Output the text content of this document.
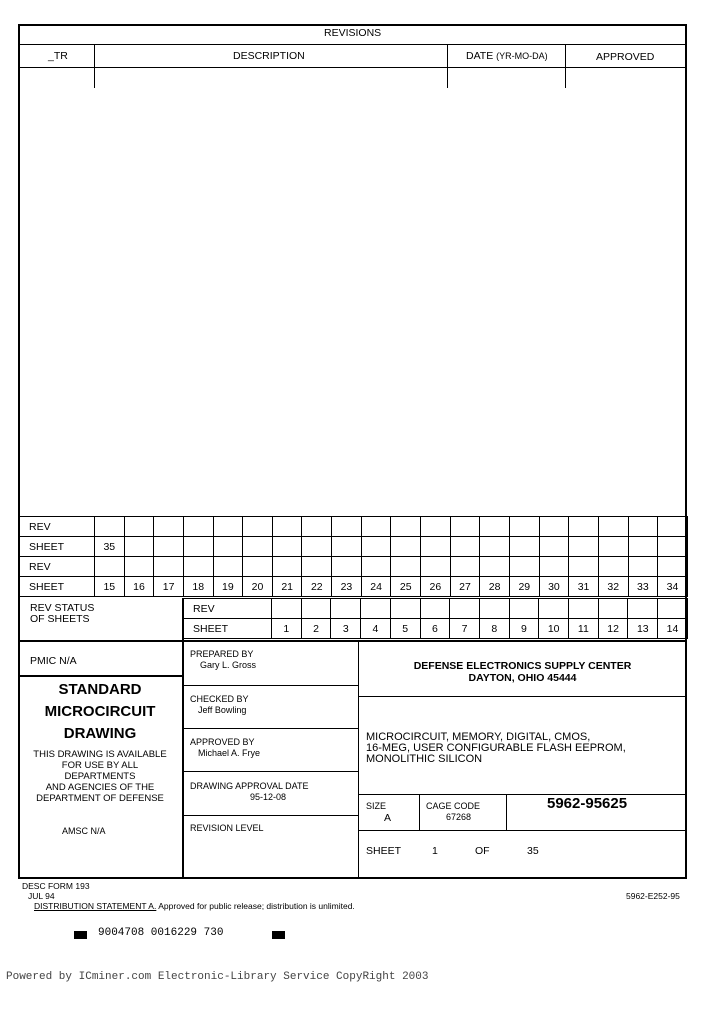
REVISIONS
_TR	DESCRIPTION	DATE (YR-MO-DA)	APPROVED
REV																				
SHEET	35																			
REV																				
SHEET	15	16	17	18	19	20	21	22	23	24	25	26	27	28	29	30	31	32	33	34
REV STATUS
OF SHEETS
REV														
SHEET	1	2	3	4	5	6	7	8	9	10	11	12	13	14
PMIC N/A
STANDARD
MICROCIRCUIT
DRAWING
THIS DRAWING IS AVAILABLE
FOR USE BY ALL
DEPARTMENTS
AND AGENCIES OF THE
DEPARTMENT OF DEFENSE
AMSC N/A
PREPARED BY
Gary L. Gross
CHECKED BY
Jeff Bowling
APPROVED BY
Michael A. Frye
DRAWING APPROVAL DATE
95-12-08
REVISION LEVEL
DEFENSE ELECTRONICS SUPPLY CENTER
DAYTON, OHIO 45444
MICROCIRCUIT, MEMORY, DIGITAL, CMOS,
16-MEG, USER CONFIGURABLE FLASH EEPROM,
MONOLITHIC SILICON
SIZE
A
CAGE CODE
67268
5962-95625
SHEET	1	OF	35
DESC FORM 193
JUL 94	5962-E252-95
DISTRIBUTION STATEMENT A. Approved for public release; distribution is unlimited.
9004708 0016229 730
Powered by ICminer.com Electronic-Library Service CopyRight 2003
